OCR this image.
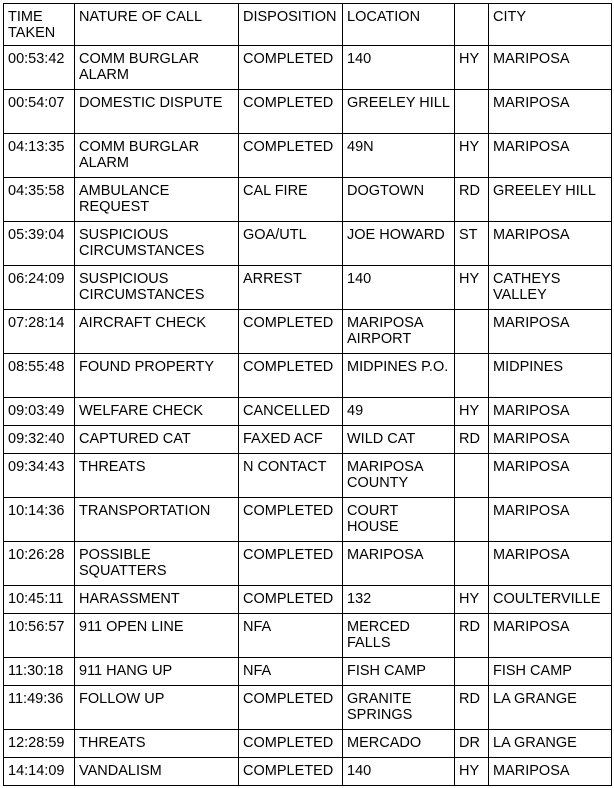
TIME TAKEN	NATURE OF CALL	DISPOSITION	LOCATION		CITY
00:53:42	COMM BURGLAR ALARM	COMPLETED	140	HY	MARIPOSA
00:54:07	DOMESTIC DISPUTE	COMPLETED	GREELEY HILL		MARIPOSA
04:13:35	COMM BURGLAR ALARM	COMPLETED	49N	HY	MARIPOSA
04:35:58	AMBULANCE REQUEST	CAL FIRE	DOGTOWN	RD	GREELEY HILL
05:39:04	SUSPICIOUS CIRCUMSTANCES	GOA/UTL	JOE HOWARD	ST	MARIPOSA
06:24:09	SUSPICIOUS CIRCUMSTANCES	ARREST	140	HY	CATHEYS VALLEY
07:28:14	AIRCRAFT CHECK	COMPLETED	MARIPOSA AIRPORT		MARIPOSA
08:55:48	FOUND PROPERTY	COMPLETED	MIDPINES P.O.		MIDPINES
09:03:49	WELFARE CHECK	CANCELLED	49	HY	MARIPOSA
09:32:40	CAPTURED CAT	FAXED ACF	WILD CAT	RD	MARIPOSA
09:34:43	THREATS	N CONTACT	MARIPOSA COUNTY		MARIPOSA
10:14:36	TRANSPORTATION	COMPLETED	COURT HOUSE		MARIPOSA
10:26:28	POSSIBLE SQUATTERS	COMPLETED	MARIPOSA		MARIPOSA
10:45:11	HARASSMENT	COMPLETED	132	HY	COULTERVILLE
10:56:57	911 OPEN LINE	NFA	MERCED FALLS	RD	MARIPOSA
11:30:18	911 HANG UP	NFA	FISH CAMP		FISH CAMP
11:49:36	FOLLOW UP	COMPLETED	GRANITE SPRINGS	RD	LA GRANGE
12:28:59	THREATS	COMPLETED	MERCADO	DR	LA GRANGE
14:14:09	VANDALISM	COMPLETED	140	HY	MARIPOSA
